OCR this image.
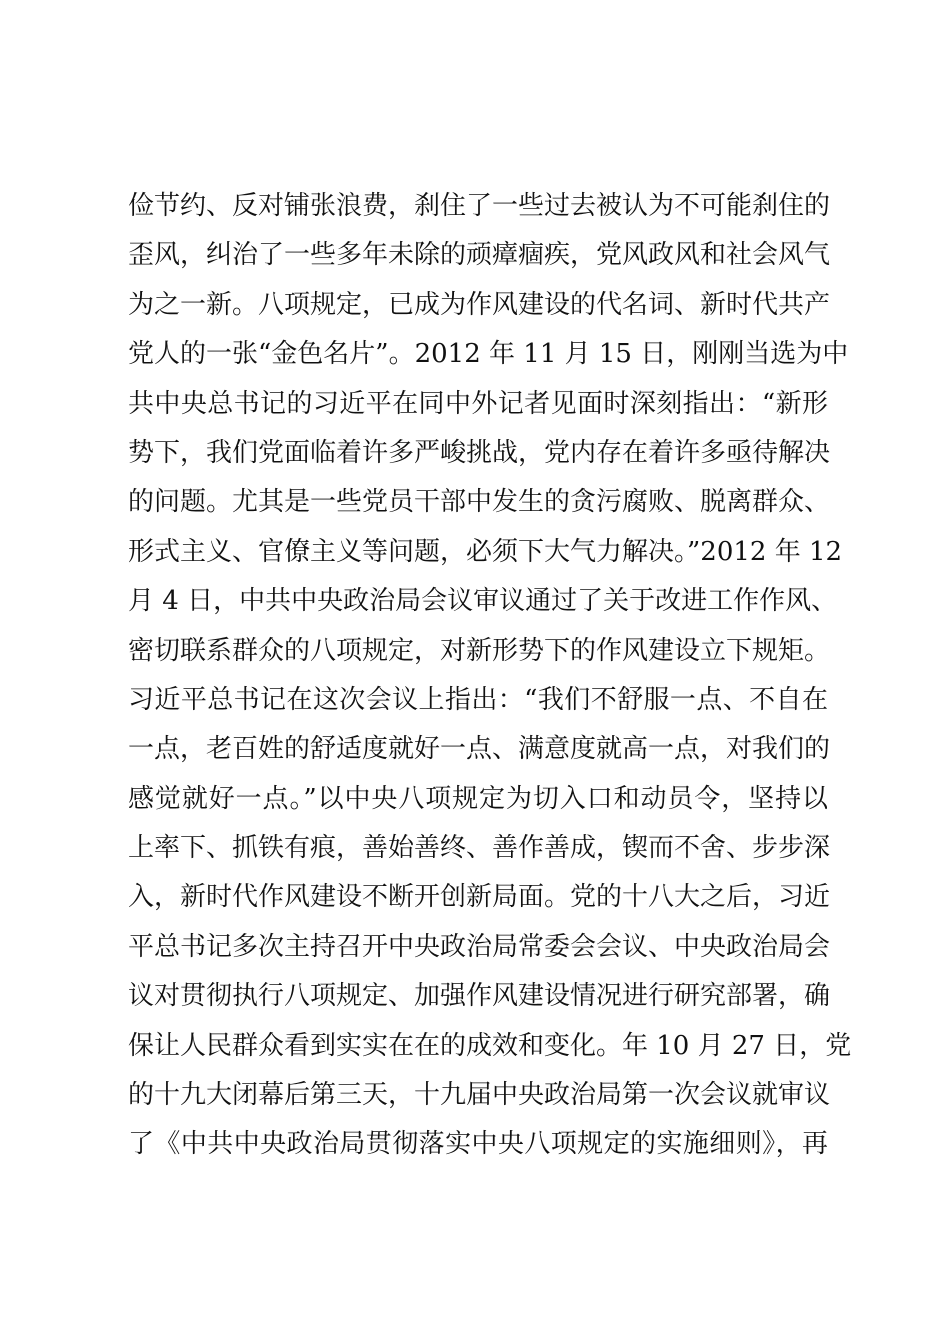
俭节约、反对铺张浪费，刹住了一些过去被认为不可能刹住的
歪风，纠治了一些多年未除的顽瘴痼疾，党风政风和社会风气
为之一新。八项规定，已成为作风建设的代名词、新时代共产
党人的一张“金色名片”。2012 年 11 月 15 日，刚刚当选为中
共中央总书记的习近平在同中外记者见面时深刻指出：“新形
势下，我们党面临着许多严峻挑战，党内存在着许多亟待解决
的问题。尤其是一些党员干部中发生的贪污腐败、脱离群众、
形式主义、官僚主义等问题，必须下大气力解决。”2012 年 12
月 4 日，中共中央政治局会议审议通过了关于改进工作作风、
密切联系群众的八项规定，对新形势下的作风建设立下规矩。
习近平总书记在这次会议上指出：“我们不舒服一点、不自在
一点，老百姓的舒适度就好一点、满意度就高一点，对我们的
感觉就好一点。”以中央八项规定为切入口和动员令，坚持以
上率下、抓铁有痕，善始善终、善作善成，锲而不舍、步步深
入，新时代作风建设不断开创新局面。党的十八大之后，习近
平总书记多次主持召开中央政治局常委会会议、中央政治局会
议对贯彻执行八项规定、加强作风建设情况进行研究部署，确
保让人民群众看到实实在在的成效和变化。年 10 月 27 日，党
的十九大闭幕后第三天，十九届中央政治局第一次会议就审议
了《中共中央政治局贯彻落实中央八项规定的实施细则》，再
